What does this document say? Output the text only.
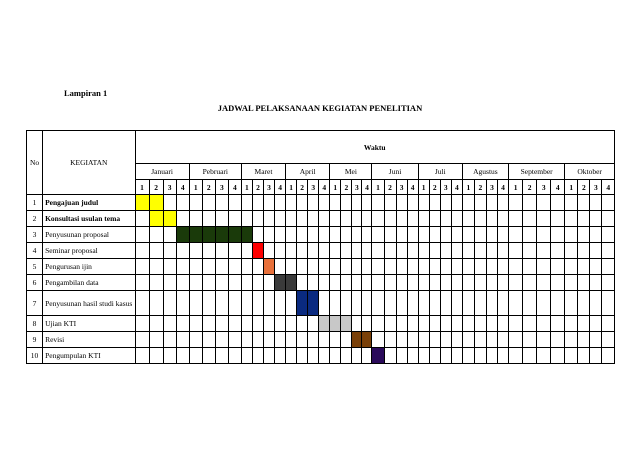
Lampiran 1
JADWAL PELAKSANAAN KEGIATAN PENELITIAN
No	KEGIATAN	Waktu																																							
		Januari				Pebruari				Maret				April				Mei				Juni				Juli				Agustus				September				Oktober			
		1	2	3	4	1	2	3	4	1	2	3	4	1	2	3	4	1	2	3	4	1	2	3	4	1	2	3	4	1	2	3	4	1	2	3	4	1	2	3	4
1	Pengajuan judul																																								
2	Konsultasi usulan tema																																								
3	Penyusunan proposal																																								
4	Seminar proposal																																								
5	Pengurusan ijin																																								
6	Pengambilan data																																								
7	Penyusunan hasil studi kasus																																								
8	Ujian KTI																																								
9	Revisi																																								
10	Pengumpulan KTI																																								
